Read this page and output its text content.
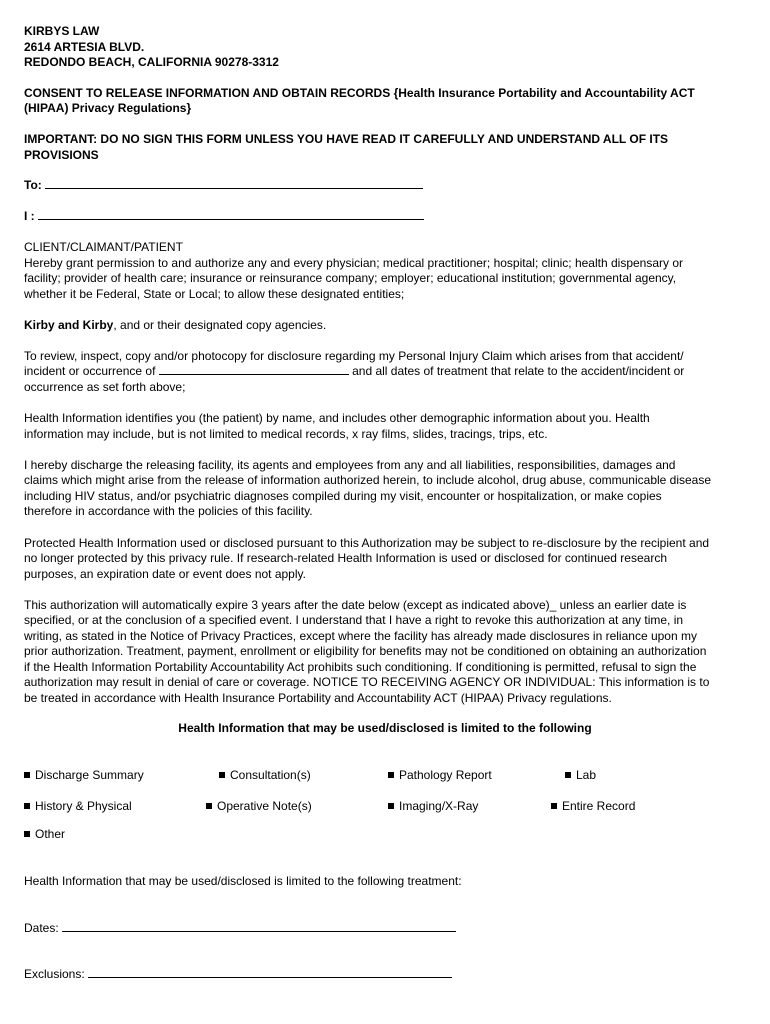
KIRBYS LAW
2614 ARTESIA BLVD.
REDONDO BEACH, CALIFORNIA 90278-3312
CONSENT TO RELEASE INFORMATION AND OBTAIN RECORDS {Health Insurance Portability and Accountability ACT
(HIPAA) Privacy Regulations}
IMPORTANT: DO NO SIGN THIS FORM UNLESS YOU HAVE READ IT CAREFULLY AND UNDERSTAND ALL OF ITS
PROVISIONS
To:
I :
CLIENT/CLAIMANT/PATIENT
Hereby grant permission to and authorize any and every physician; medical practitioner; hospital; clinic; health dispensary or
facility; provider of health care; insurance or reinsurance company; employer; educational institution; governmental agency,
whether it be Federal, State or Local; to allow these designated entities;
Kirby and Kirby, and or their designated copy agencies.
To review, inspect, copy and/or photocopy for disclosure regarding my Personal Injury Claim which arises from that accident/
incident or occurrence of	and all dates of treatment that relate to the accident/incident or
occurrence as set forth above;
Health Information identifies you (the patient) by name, and includes other demographic information about you. Health
information may include, but is not limited to medical records, x ray films, slides, tracings, trips, etc.
I hereby discharge the releasing facility, its agents and employees from any and all liabilities, responsibilities, damages and
claims which might arise from the release of information authorized herein, to include alcohol, drug abuse, communicable disease
including HIV status, and/or psychiatric diagnoses compiled during my visit, encounter or hospitalization, or make copies
therefore in accordance with the policies of this facility.
Protected Health Information used or disclosed pursuant to this Authorization may be subject to re-disclosure by the recipient and
no longer protected by this privacy rule. If research-related Health Information is used or disclosed for continued research
purposes, an expiration date or event does not apply.
This authorization will automatically expire 3 years after the date below (except as indicated above)_ unless an earlier date is
specified, or at the conclusion of a specified event. I understand that I have a right to revoke this authorization at any time, in
writing, as stated in the Notice of Privacy Practices, except where the facility has already made disclosures in reliance upon my
prior authorization. Treatment, payment, enrollment or eligibility for benefits may not be conditioned on obtaining an authorization
if the Health Information Portability Accountability Act prohibits such conditioning. If conditioning is permitted, refusal to sign the
authorization may result in denial of care or coverage. NOTICE TO RECEIVING AGENCY OR INDIVIDUAL: This information is to
be treated in accordance with Health Insurance Portability and Accountability ACT (HIPAA) Privacy regulations.
Health Information that may be used/disclosed is limited to the following
Discharge Summary	Consultation(s)	Pathology Report	Lab
History & Physical	Operative Note(s)	Imaging/X-Ray	Entire Record
Other
Health Information that may be used/disclosed is limited to the following treatment:
Dates:
Exclusions:
